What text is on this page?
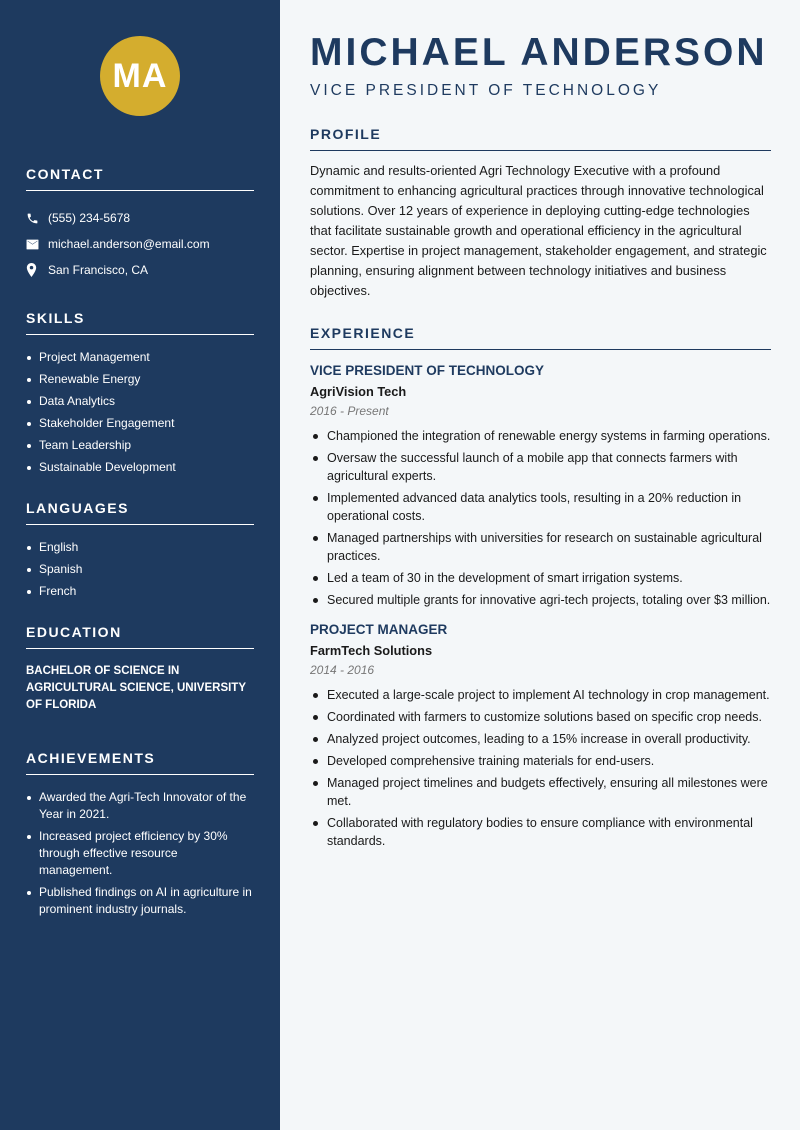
MA
CONTACT
(555) 234-5678
michael.anderson@email.com
San Francisco, CA
SKILLS
Project Management
Renewable Energy
Data Analytics
Stakeholder Engagement
Team Leadership
Sustainable Development
LANGUAGES
English
Spanish
French
EDUCATION

BACHELOR OF SCIENCE IN AGRICULTURAL SCIENCE, UNIVERSITY OF FLORIDA

ACHIEVEMENTS
Awarded the Agri-Tech Innovator of the Year in 2021.
Increased project efficiency by 30% through effective resource management.
Published findings on AI in agriculture in prominent industry journals.
MICHAEL ANDERSON
VICE PRESIDENT OF TECHNOLOGY
PROFILE

Dynamic and results-oriented Agri Technology Executive with a profound commitment to enhancing agricultural practices through innovative technological solutions. Over 12 years of experience in deploying cutting-edge technologies that facilitate sustainable growth and operational efficiency in the agricultural sector. Expertise in project management, stakeholder engagement, and strategic planning, ensuring alignment between technology initiatives and business objectives.

EXPERIENCE
VICE PRESIDENT OF TECHNOLOGY
AgriVision Tech
2016 - Present
Championed the integration of renewable energy systems in farming operations.
Oversaw the successful launch of a mobile app that connects farmers with agricultural experts.
Implemented advanced data analytics tools, resulting in a 20% reduction in operational costs.
Managed partnerships with universities for research on sustainable agricultural practices.
Led a team of 30 in the development of smart irrigation systems.
Secured multiple grants for innovative agri-tech projects, totaling over $3 million.
PROJECT MANAGER
FarmTech Solutions
2014 - 2016
Executed a large-scale project to implement AI technology in crop management.
Coordinated with farmers to customize solutions based on specific crop needs.
Analyzed project outcomes, leading to a 15% increase in overall productivity.
Developed comprehensive training materials for end-users.
Managed project timelines and budgets effectively, ensuring all milestones were met.
Collaborated with regulatory bodies to ensure compliance with environmental standards.
